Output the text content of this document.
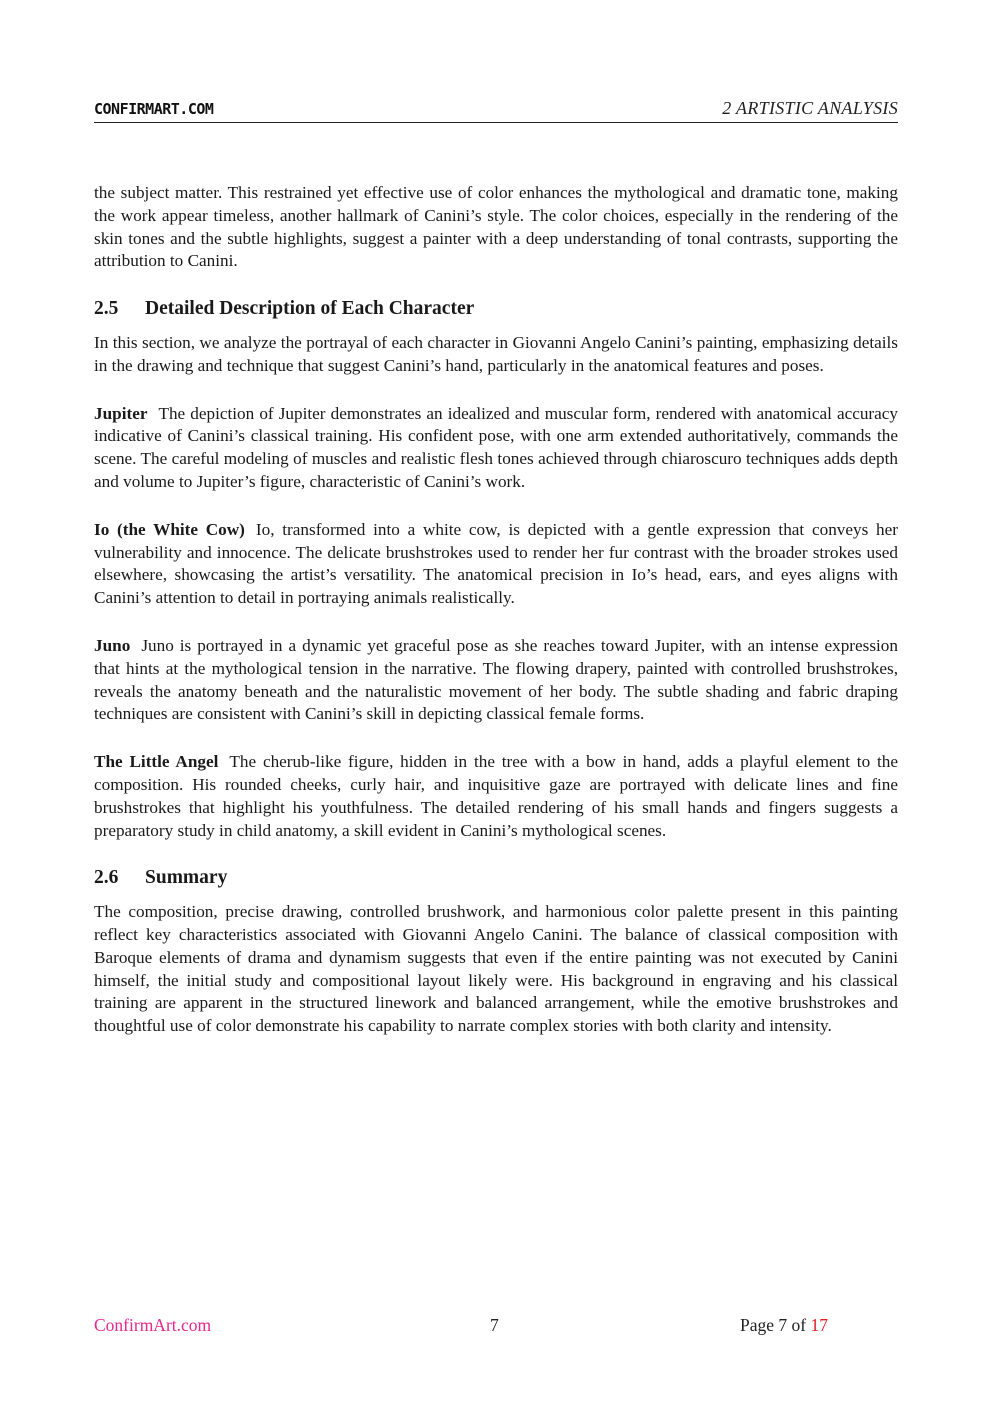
CONFIRMART.COM	2 ARTISTIC ANALYSIS

the subject matter. This restrained yet effective use of color enhances the mythological and dramatic tone, making the work appear timeless, another hallmark of Canini’s style. The color choices, especially in the rendering of the skin tones and the subtle highlights, suggest a painter with a deep understanding of tonal contrasts, supporting the attribution to Canini.

2.5 Detailed Description of Each Character

In this section, we analyze the portrayal of each character in Giovanni Angelo Canini’s painting, emphasizing details in the drawing and technique that suggest Canini’s hand, particularly in the anatomical features and poses.

Jupiter The depiction of Jupiter demonstrates an idealized and muscular form, rendered with anatomical accuracy indicative of Canini’s classical training. His confident pose, with one arm extended authoritatively, commands the scene. The careful modeling of muscles and realistic flesh tones achieved through chiaroscuro techniques adds depth and volume to Jupiter’s figure, characteristic of Canini’s work.

Io (the White Cow) Io, transformed into a white cow, is depicted with a gentle expression that conveys her vulnerability and innocence. The delicate brushstrokes used to render her fur contrast with the broader strokes used elsewhere, showcasing the artist’s versatility. The anatomical precision in Io’s head, ears, and eyes aligns with Canini’s attention to detail in portraying animals realistically.

Juno Juno is portrayed in a dynamic yet graceful pose as she reaches toward Jupiter, with an intense expression that hints at the mythological tension in the narrative. The flowing drapery, painted with controlled brushstrokes, reveals the anatomy beneath and the naturalistic movement of her body. The subtle shading and fabric draping techniques are consistent with Canini’s skill in depicting classical female forms.

The Little Angel The cherub-like figure, hidden in the tree with a bow in hand, adds a playful element to the composition. His rounded cheeks, curly hair, and inquisitive gaze are portrayed with delicate lines and fine brushstrokes that highlight his youthfulness. The detailed rendering of his small hands and fingers suggests a preparatory study in child anatomy, a skill evident in Canini’s mythological scenes.

2.6 Summary

The composition, precise drawing, controlled brushwork, and harmonious color palette present in this painting reflect key characteristics associated with Giovanni Angelo Canini. The balance of classical composition with Baroque elements of drama and dynamism suggests that even if the entire painting was not executed by Canini himself, the initial study and compositional layout likely were. His background in engraving and his classical training are apparent in the structured linework and balanced arrangement, while the emotive brushstrokes and thoughtful use of color demonstrate his capability to narrate complex stories with both clarity and intensity.

ConfirmArt.com	7	Page 7 of 17
